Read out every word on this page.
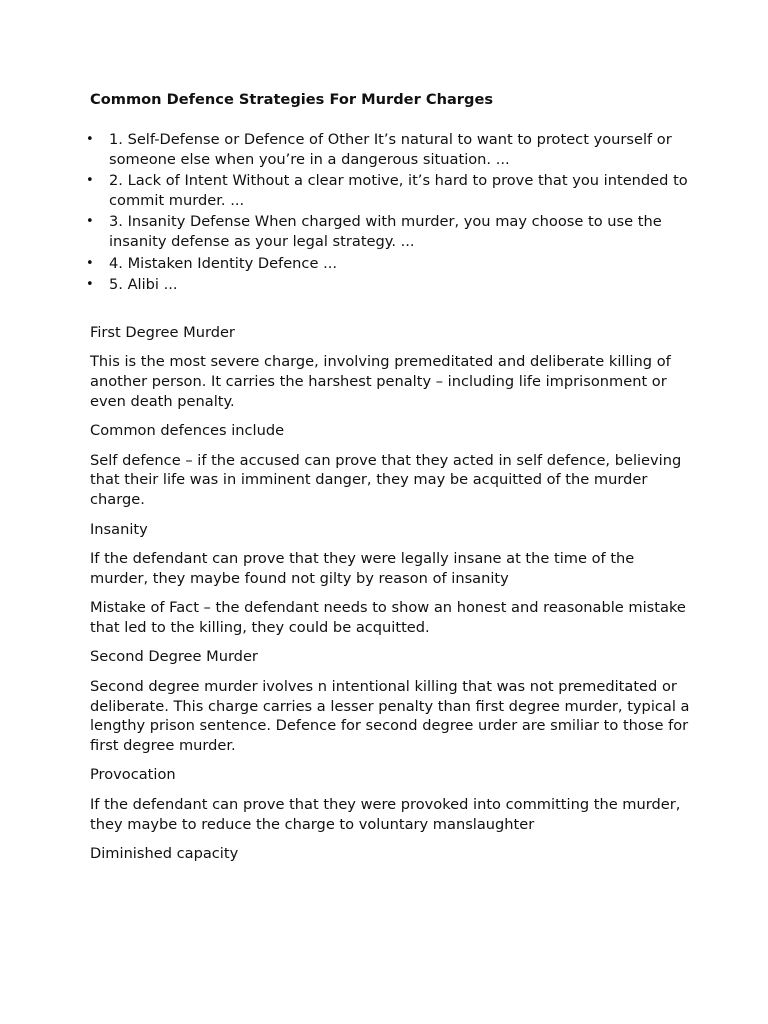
Common Defence Strategies For Murder Charges
• 1. Self-Defense or Defence of Other It’s natural to want to protect yourself or someone else when you’re in a dangerous situation. ...
• 2. Lack of Intent Without a clear motive, it’s hard to prove that you intended to commit murder. ...
• 3. Insanity Defense When charged with murder, you may choose to use the insanity defense as your legal strategy. ...
• 4. Mistaken Identity Defence ...
• 5. Alibi ...

First Degree Murder

This is the most severe charge, involving premeditated and deliberate killing of another person. It carries the harshest penalty – including life imprisonment or even death penalty.

Common defences include

Self defence – if the accused can prove that they acted in self defence, believing that their life was in imminent danger, they may be acquitted of the murder charge.

Insanity

If the defendant can prove that they were legally insane at the time of the murder, they maybe found not gilty by reason of insanity

Mistake of Fact – the defendant needs to show an honest and reasonable mistake that led to the killing, they could be acquitted.

Second Degree Murder

Second degree murder ivolves n intentional killing that was not premeditated or deliberate. This charge carries a lesser penalty than first degree murder, typical a lengthy prison sentence. Defence for second degree urder are smiliar to those for first degree murder.

Provocation

If the defendant can prove that they were provoked into committing the murder, they maybe to reduce the charge to voluntary manslaughter

Diminished capacity
